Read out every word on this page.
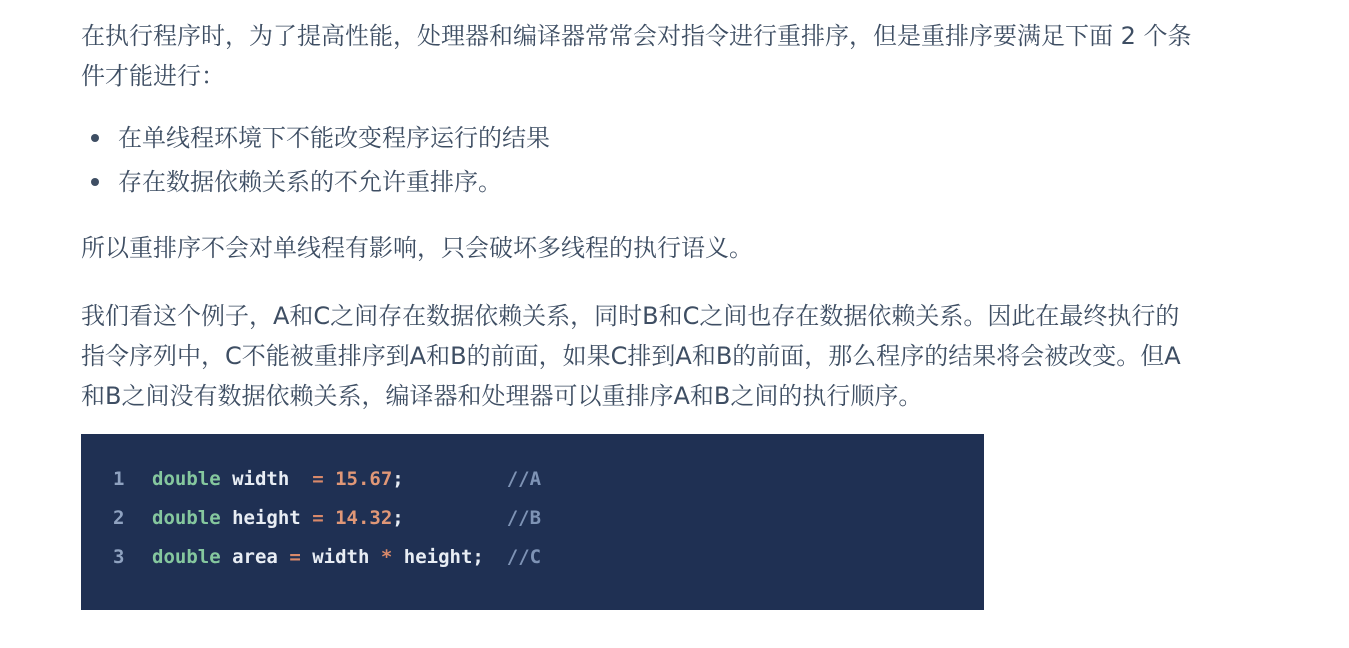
在执行程序时，为了提高性能，处理器和编译器常常会对指令进行重排序，但是重排序要满足下面 2 个条
件才能进行：

在单线程环境下不能改变程序运行的结果
存在数据依赖关系的不允许重排序。

所以重排序不会对单线程有影响，只会破坏多线程的执行语义。

我们看这个例子，A和C之间存在数据依赖关系，同时B和C之间也存在数据依赖关系。因此在最终执行的
指令序列中，C不能被重排序到A和B的前面，如果C排到A和B的前面，那么程序的结果将会被改变。但A
和B之间没有数据依赖关系，编译器和处理器可以重排序A和B之间的执行顺序。

1 double width = 15.67;	//A
2 double height = 14.32;	//B
3 double area = width * height; //C
